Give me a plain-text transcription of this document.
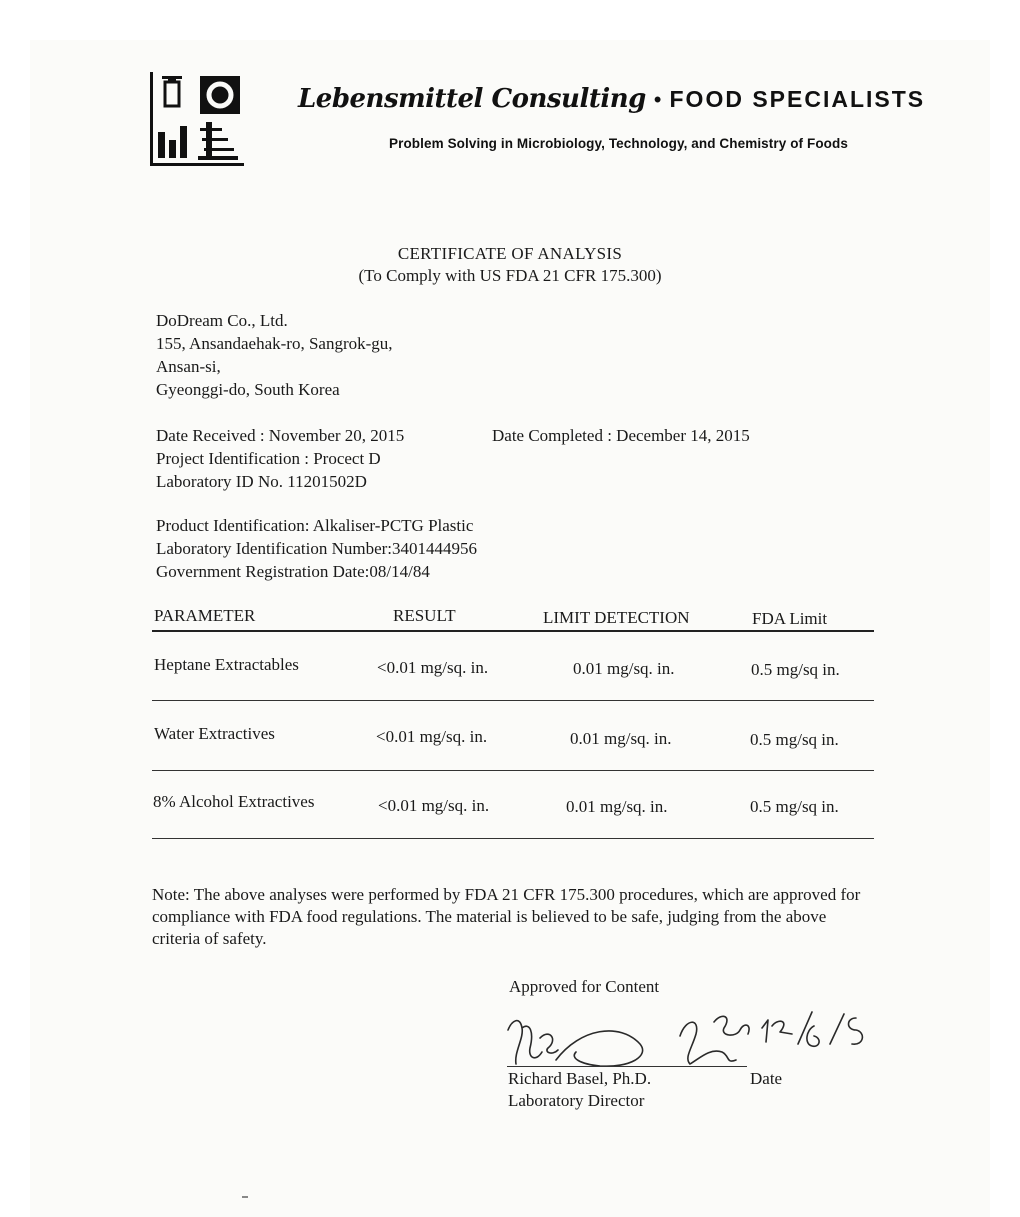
Lebensmittel Consulting • FOOD SPECIALISTS
Problem Solving in Microbiology, Technology, and Chemistry of Foods
CERTIFICATE OF ANALYSIS
(To Comply with US FDA 21 CFR 175.300)
DoDream Co., Ltd.
155, Ansandaehak-ro, Sangrok-gu,
Ansan-si,
Gyeonggi-do, South Korea
Date Received : November 20, 2015
Project Identification : Procect D
Laboratory ID No. 11201502D
Date Completed : December 14, 2015
Product Identification: Alkaliser-PCTG Plastic
Laboratory Identification Number:3401444956
Government Registration Date:08/14/84
PARAMETER	RESULT	LIMIT DETECTION	FDA Limit
Heptane Extractables	<0.01 mg/sq. in.	0.01 mg/sq. in.	0.5 mg/sq in.
Water Extractives	<0.01 mg/sq. in.	0.01 mg/sq. in.	0.5 mg/sq in.
8% Alcohol Extractives	<0.01 mg/sq. in.	0.01 mg/sq. in.	0.5 mg/sq in.
Note: The above analyses were performed by FDA 21 CFR 175.300 procedures, which are approved for compliance with FDA food regulations. The material is believed to be safe, judging from the above criteria of safety.
Approved for Content
Richard Basel, Ph.D.
Laboratory Director
Date
